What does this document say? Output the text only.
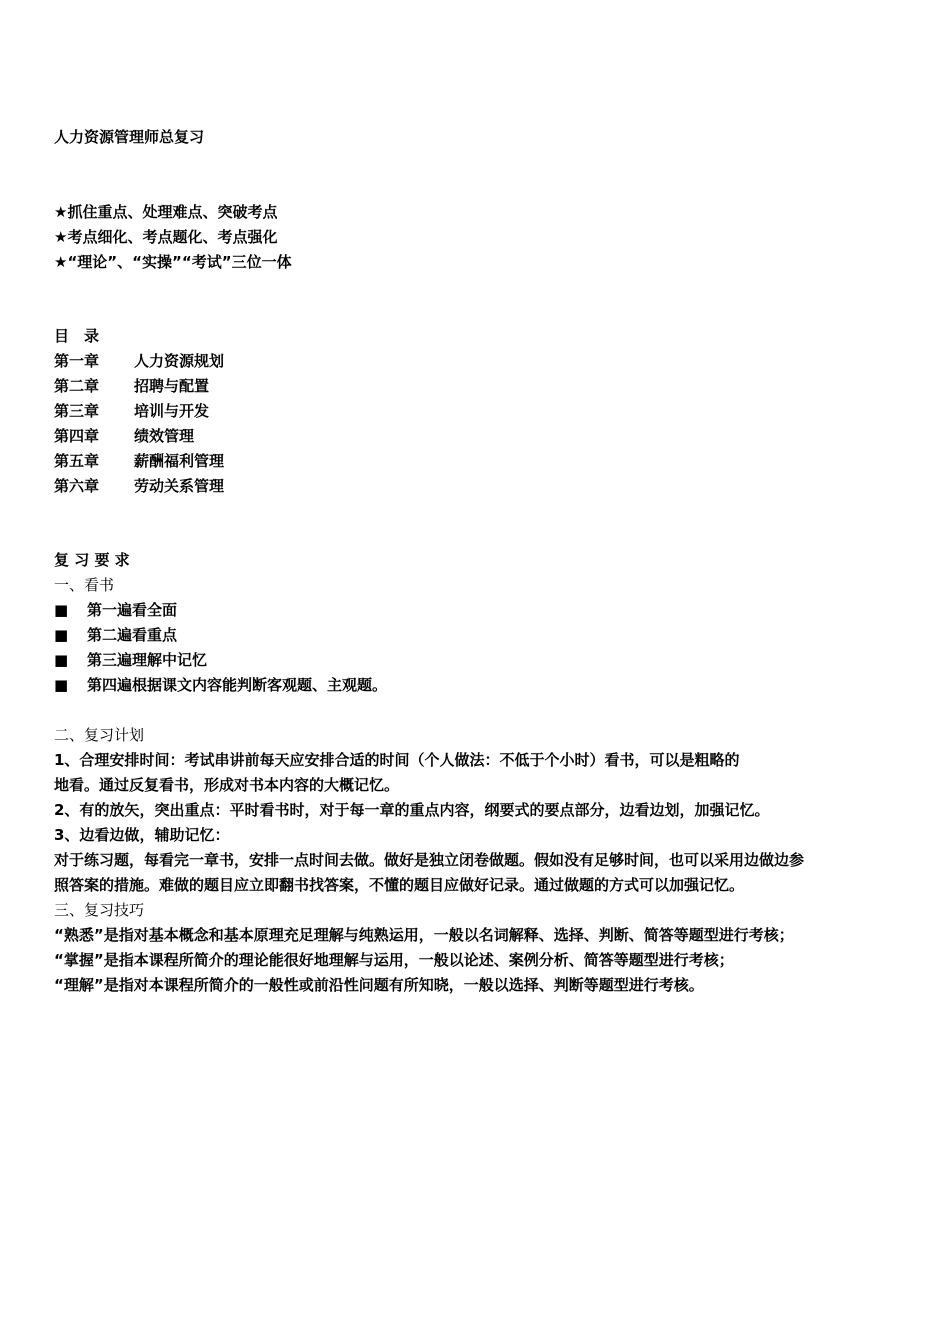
人力资源管理师总复习
★抓住重点、处理难点、突破考点
★考点细化、考点题化、考点强化
★“理论”、“实操”“考试”三位一体
目　录
第一章 人力资源规划
第二章 招聘与配置
第三章 培训与开发
第四章 绩效管理
第五章 薪酬福利管理
第六章 劳动关系管理
复 习 要 求
一、看书
■ 第一遍看全面
■ 第二遍看重点
■ 第三遍理解中记忆
■ 第四遍根据课文内容能判断客观题、主观题。
二、复习计划
1、合理安排时间：考试串讲前每天应安排合适的时间（个人做法：不低于个小时）看书，可以是粗略的
地看。通过反复看书，形成对书本内容的大概记忆。
2、有的放矢，突出重点：平时看书时，对于每一章的重点内容，纲要式的要点部分，边看边划，加强记忆。
3、边看边做，辅助记忆：
对于练习题，每看完一章书，安排一点时间去做。做好是独立闭卷做题。假如没有足够时间，也可以采用边做边参
照答案的措施。难做的题目应立即翻书找答案，不懂的题目应做好记录。通过做题的方式可以加强记忆。
三、复习技巧
“熟悉”是指对基本概念和基本原理充足理解与纯熟运用，一般以名词解释、选择、判断、简答等题型进行考核；
“掌握”是指本课程所简介的理论能很好地理解与运用，一般以论述、案例分析、简答等题型进行考核；
“理解”是指对本课程所简介的一般性或前沿性问题有所知晓，一般以选择、判断等题型进行考核。
